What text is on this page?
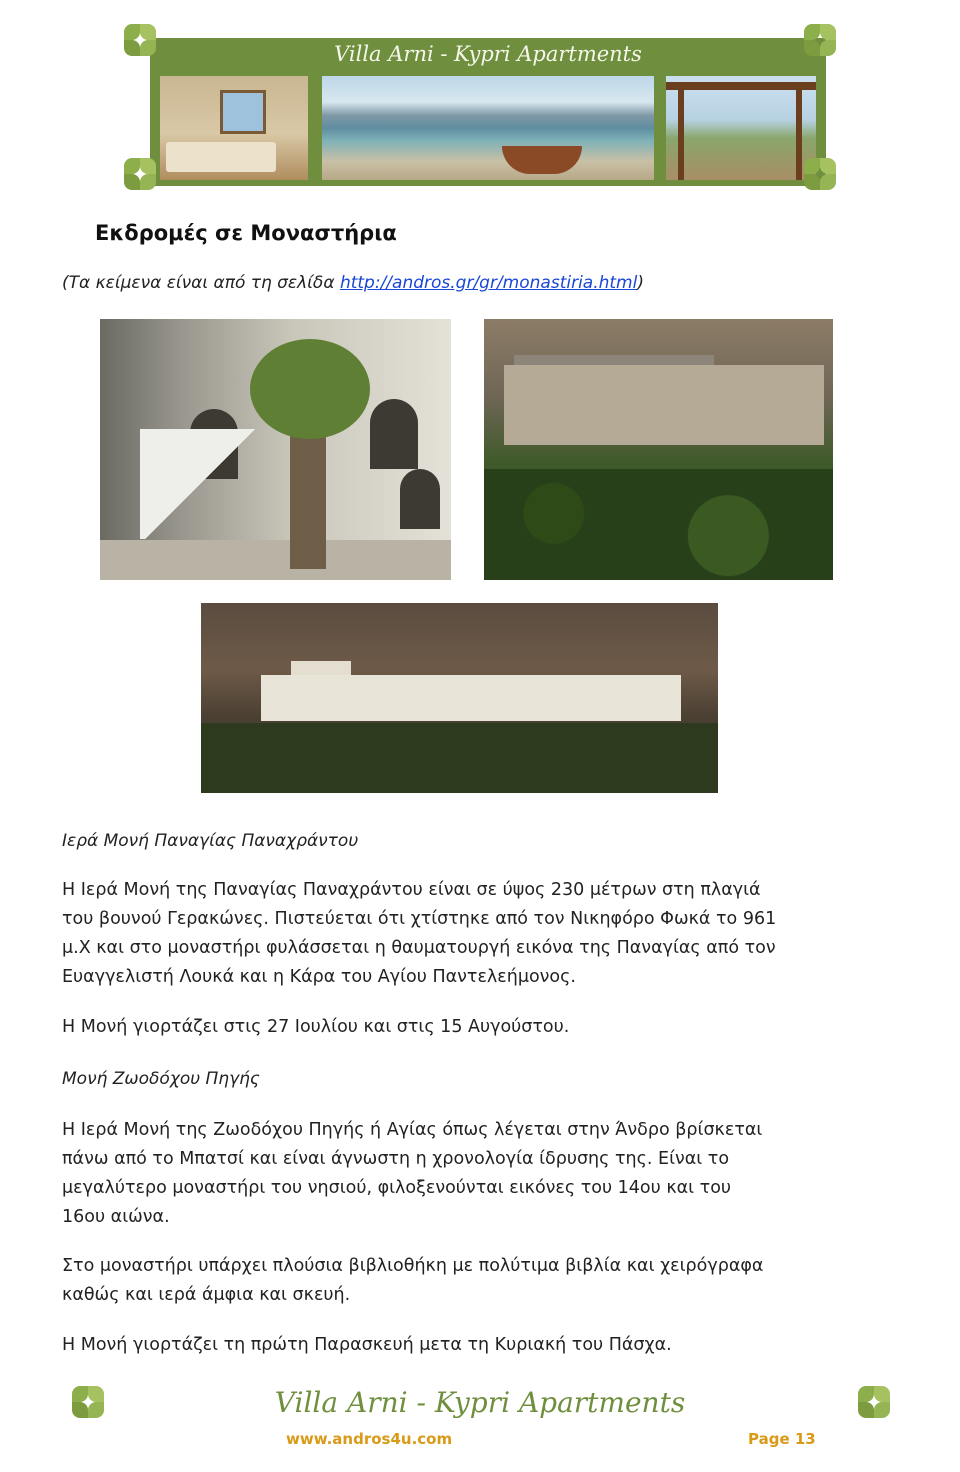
Villa Arni - Kypri Apartments
Εκδρομές σε Μοναστήρια
(Τα κείμενα είναι από τη σελίδα http://andros.gr/gr/monastiria.html)
Ιερά Μονή Παναγίας Παναχράντου
Η Ιερά Μονή της Παναγίας Παναχράντου είναι σε ύψος 230 μέτρων στη πλαγιά
του βουνού Γερακώνες. Πιστεύεται ότι χτίστηκε από τον Νικηφόρο Φωκά το 961
μ.Χ και στο μοναστήρι φυλάσσεται η θαυματουργή εικόνα της Παναγίας από τον
Ευαγγελιστή Λουκά και η Κάρα του Αγίου Παντελεήμονος.
Η Μονή γιορτάζει στις 27 Ιουλίου και στις 15 Αυγούστου.
Μονή Ζωοδόχου Πηγής
Η Ιερά Μονή της Ζωοδόχου Πηγής ή Αγίας όπως λέγεται στην Άνδρο βρίσκεται
πάνω από το Μπατσί και είναι άγνωστη η χρονολογία ίδρυσης της. Είναι το
μεγαλύτερο μοναστήρι του νησιού, φιλοξενούνται εικόνες του 14ου και του
16ου αιώνα.
Στο μοναστήρι υπάρχει πλούσια βιβλιοθήκη με πολύτιμα βιβλία και χειρόγραφα
καθώς και ιερά άμφια και σκευή.
Η Μονή γιορτάζει τη πρώτη Παρασκευή μετα τη Κυριακή του Πάσχα.
Villa Arni - Kypri Apartments
www.andros4u.com	Page 13
